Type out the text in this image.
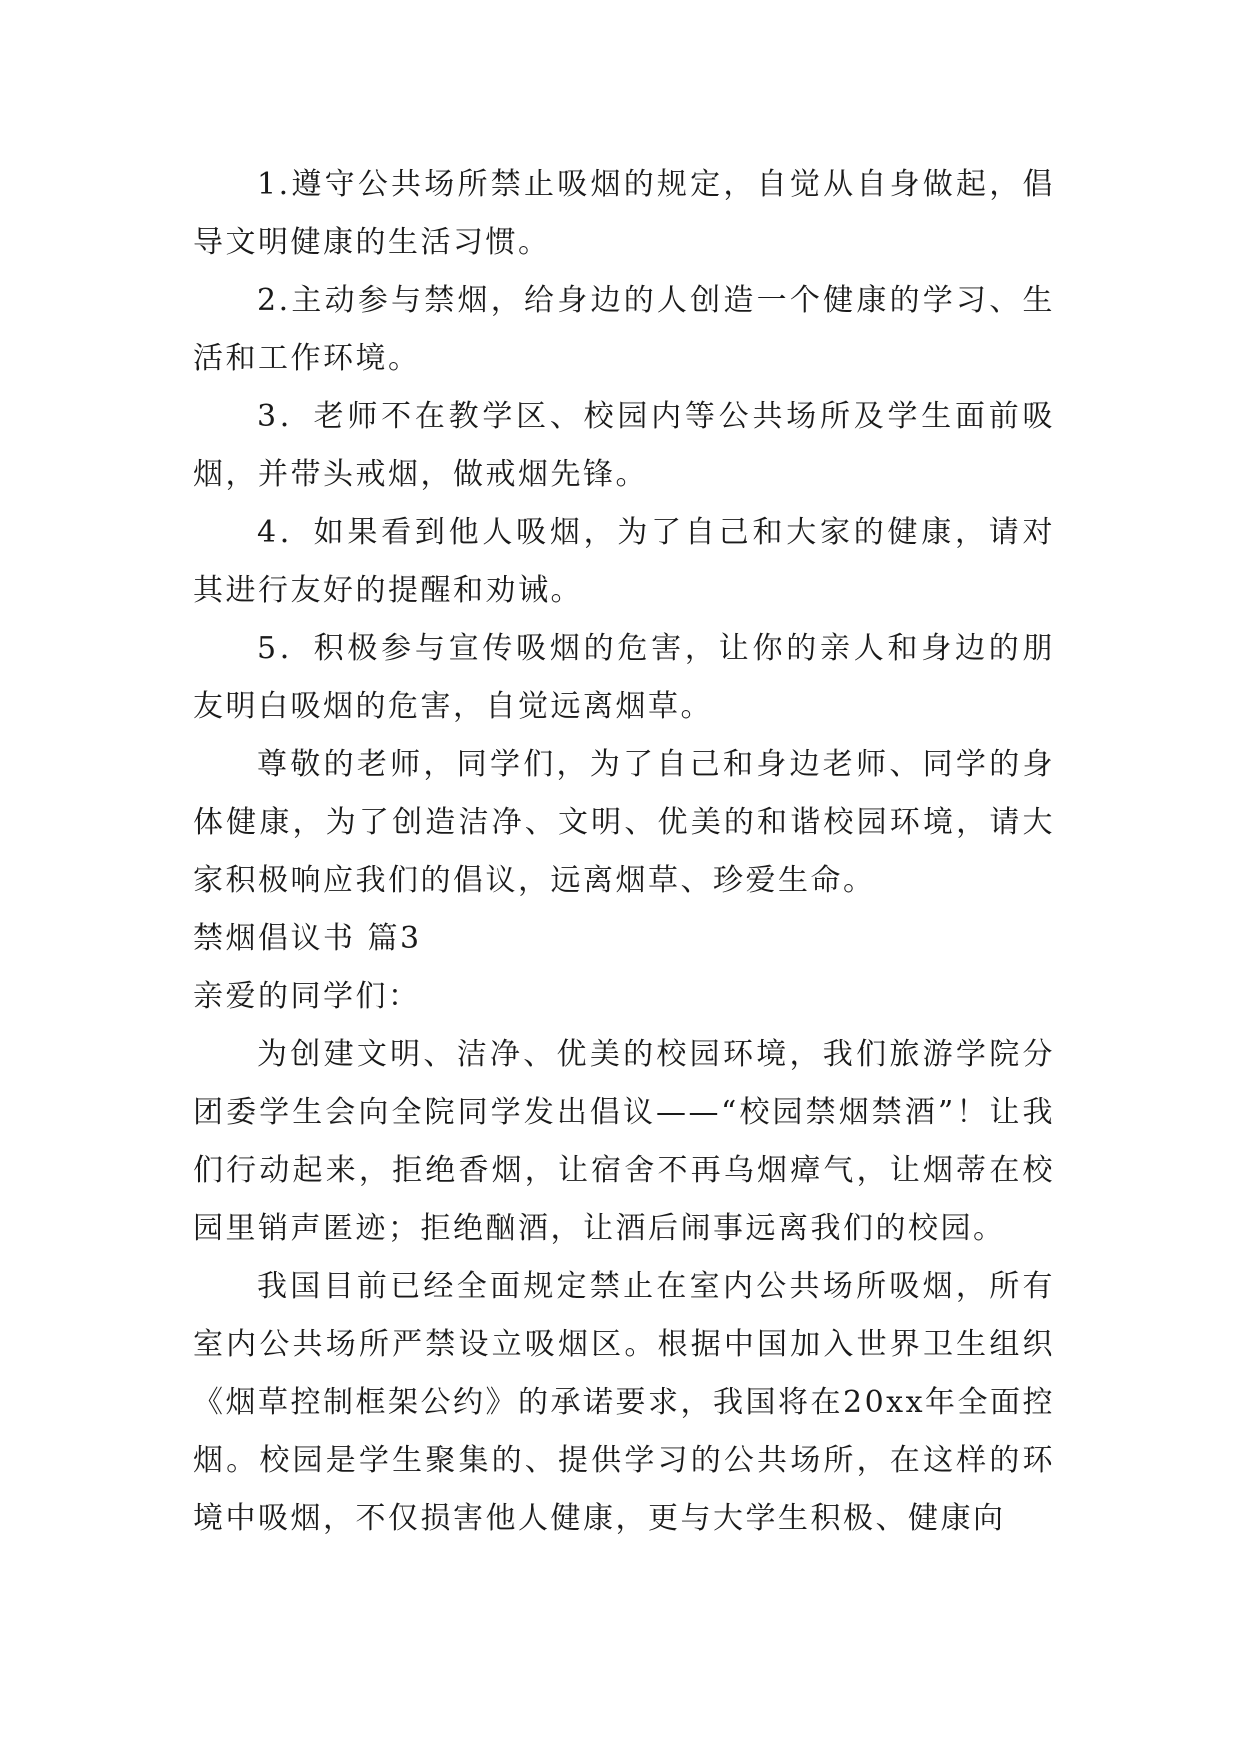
1.遵守公共场所禁止吸烟的规定，自觉从自身做起，倡导文明健康的生活习惯。

2.主动参与禁烟，给身边的人创造一个健康的学习、生活和工作环境。

3．老师不在教学区、校园内等公共场所及学生面前吸烟，并带头戒烟，做戒烟先锋。

4．如果看到他人吸烟，为了自己和大家的健康，请对其进行友好的提醒和劝诫。

5．积极参与宣传吸烟的危害，让你的亲人和身边的朋友明白吸烟的危害，自觉远离烟草。

尊敬的老师，同学们，为了自己和身边老师、同学的身体健康，为了创造洁净、文明、优美的和谐校园环境，请大家积极响应我们的倡议，远离烟草、珍爱生命。

禁烟倡议书 篇3

亲爱的同学们：

为创建文明、洁净、优美的校园环境，我们旅游学院分团委学生会向全院同学发出倡议——“校园禁烟禁酒”！让我们行动起来，拒绝香烟，让宿舍不再乌烟瘴气，让烟蒂在校园里销声匿迹；拒绝酗酒，让酒后闹事远离我们的校园。

我国目前已经全面规定禁止在室内公共场所吸烟，所有室内公共场所严禁设立吸烟区。根据中国加入世界卫生组织《烟草控制框架公约》的承诺要求，我国将在20xx年全面控烟。校园是学生聚集的、提供学习的公共场所，在这样的环境中吸烟，不仅损害他人健康，更与大学生积极、健康向
